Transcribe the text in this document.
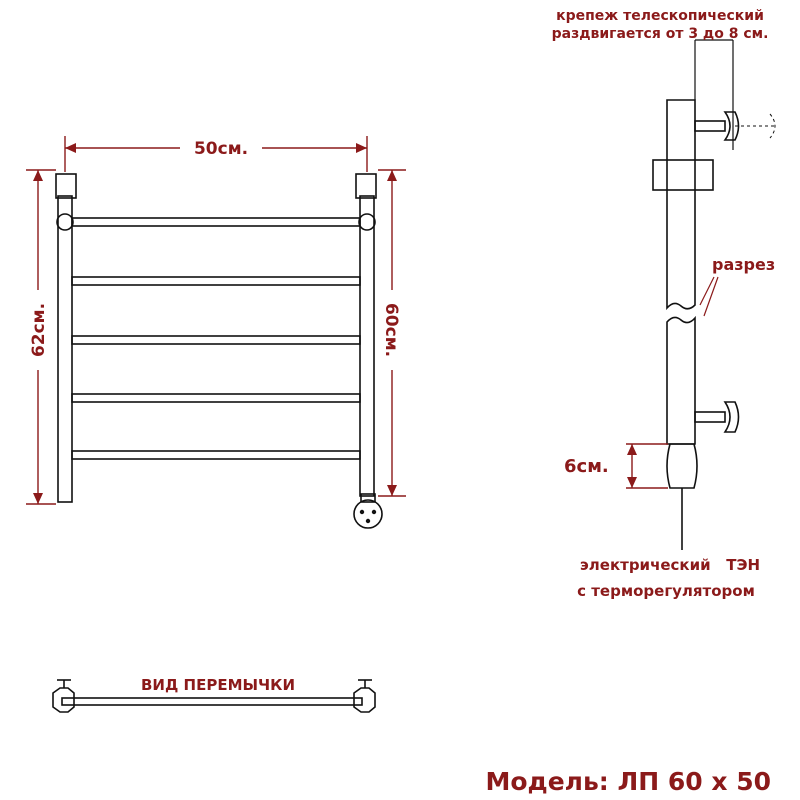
50см.
62см.	60см.
крепеж телескопический
раздвигается от 3 до 8 см.
разрез
6см.
электрический   ТЭН
с терморегулятором
ВИД ПЕРЕМЫЧКИ
Модель: ЛП 60 х 50
